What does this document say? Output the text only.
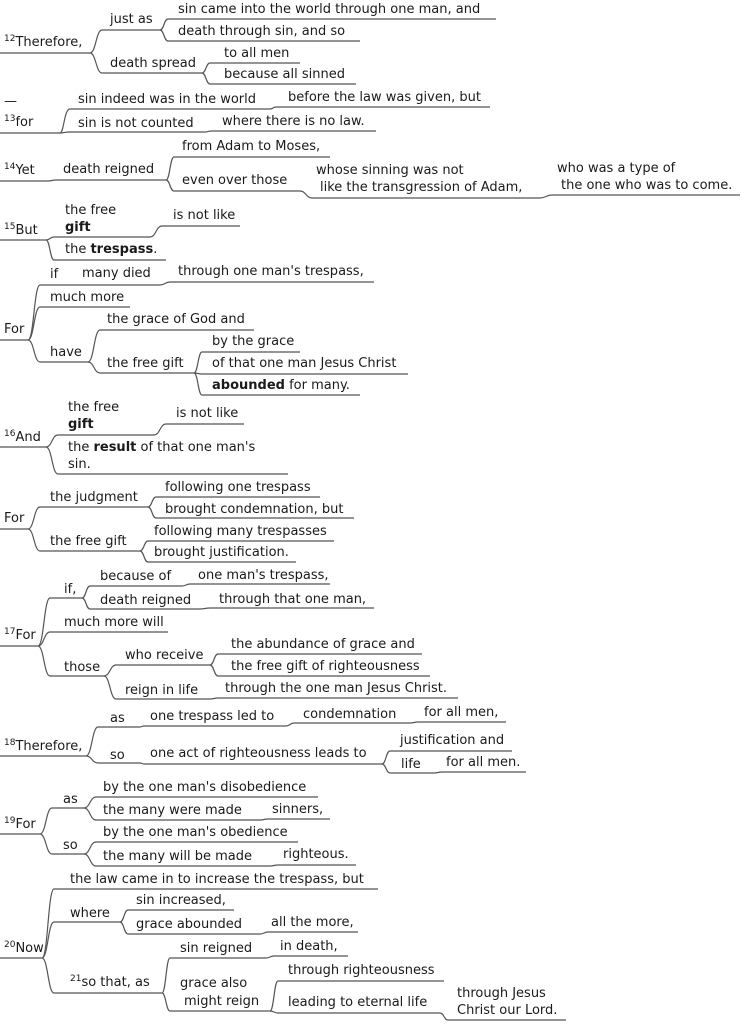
$^{12}$Therefore,
just as
sin came into the world through one man, and
death through sin, and so
death spread
to all men
because all sinned
—
$^{13}$for
sin indeed was in the world before the law was given, but
sin is not counted where there is no law.
$^{14}$Yet death reigned
from Adam to Moses,
even over those
whose sinning was not
like the transgression of Adam,
who was a type of
the one who was to come.
$^{15}$But
the free
gift
is not like
the trespass.
For
if many died through one man's trespass,
much more
have
the grace of God and
the free gift
by the grace
of that one man Jesus Christ
abounded for many.
$^{16}$And
the free
gift
is not like
the result of that one man's
sin.
For
the judgment
following one trespass
brought condemnation, but
the free gift
following many trespasses
brought justification.
$^{17}$For
if,
because of one man's trespass,
death reigned through that one man,
much more will
those
who receive
the abundance of grace and
the free gift of righteousness
reign in life through the one man Jesus Christ.
$^{18}$Therefore,
as one trespass led to condemnation for all men,
so one act of righteousness leads to
justification and
life for all men.
$^{19}$For
as
by the one man's disobedience
the many were made sinners,
so
by the one man's obedience
the many will be made righteous.
$^{20}$Now
the law came in to increase the trespass, but
where
sin increased,
grace abounded all the more,
$^{21}$so that, as
sin reigned in death,
grace also
might reign
through righteousness
leading to eternal life
through Jesus
Christ our Lord.
